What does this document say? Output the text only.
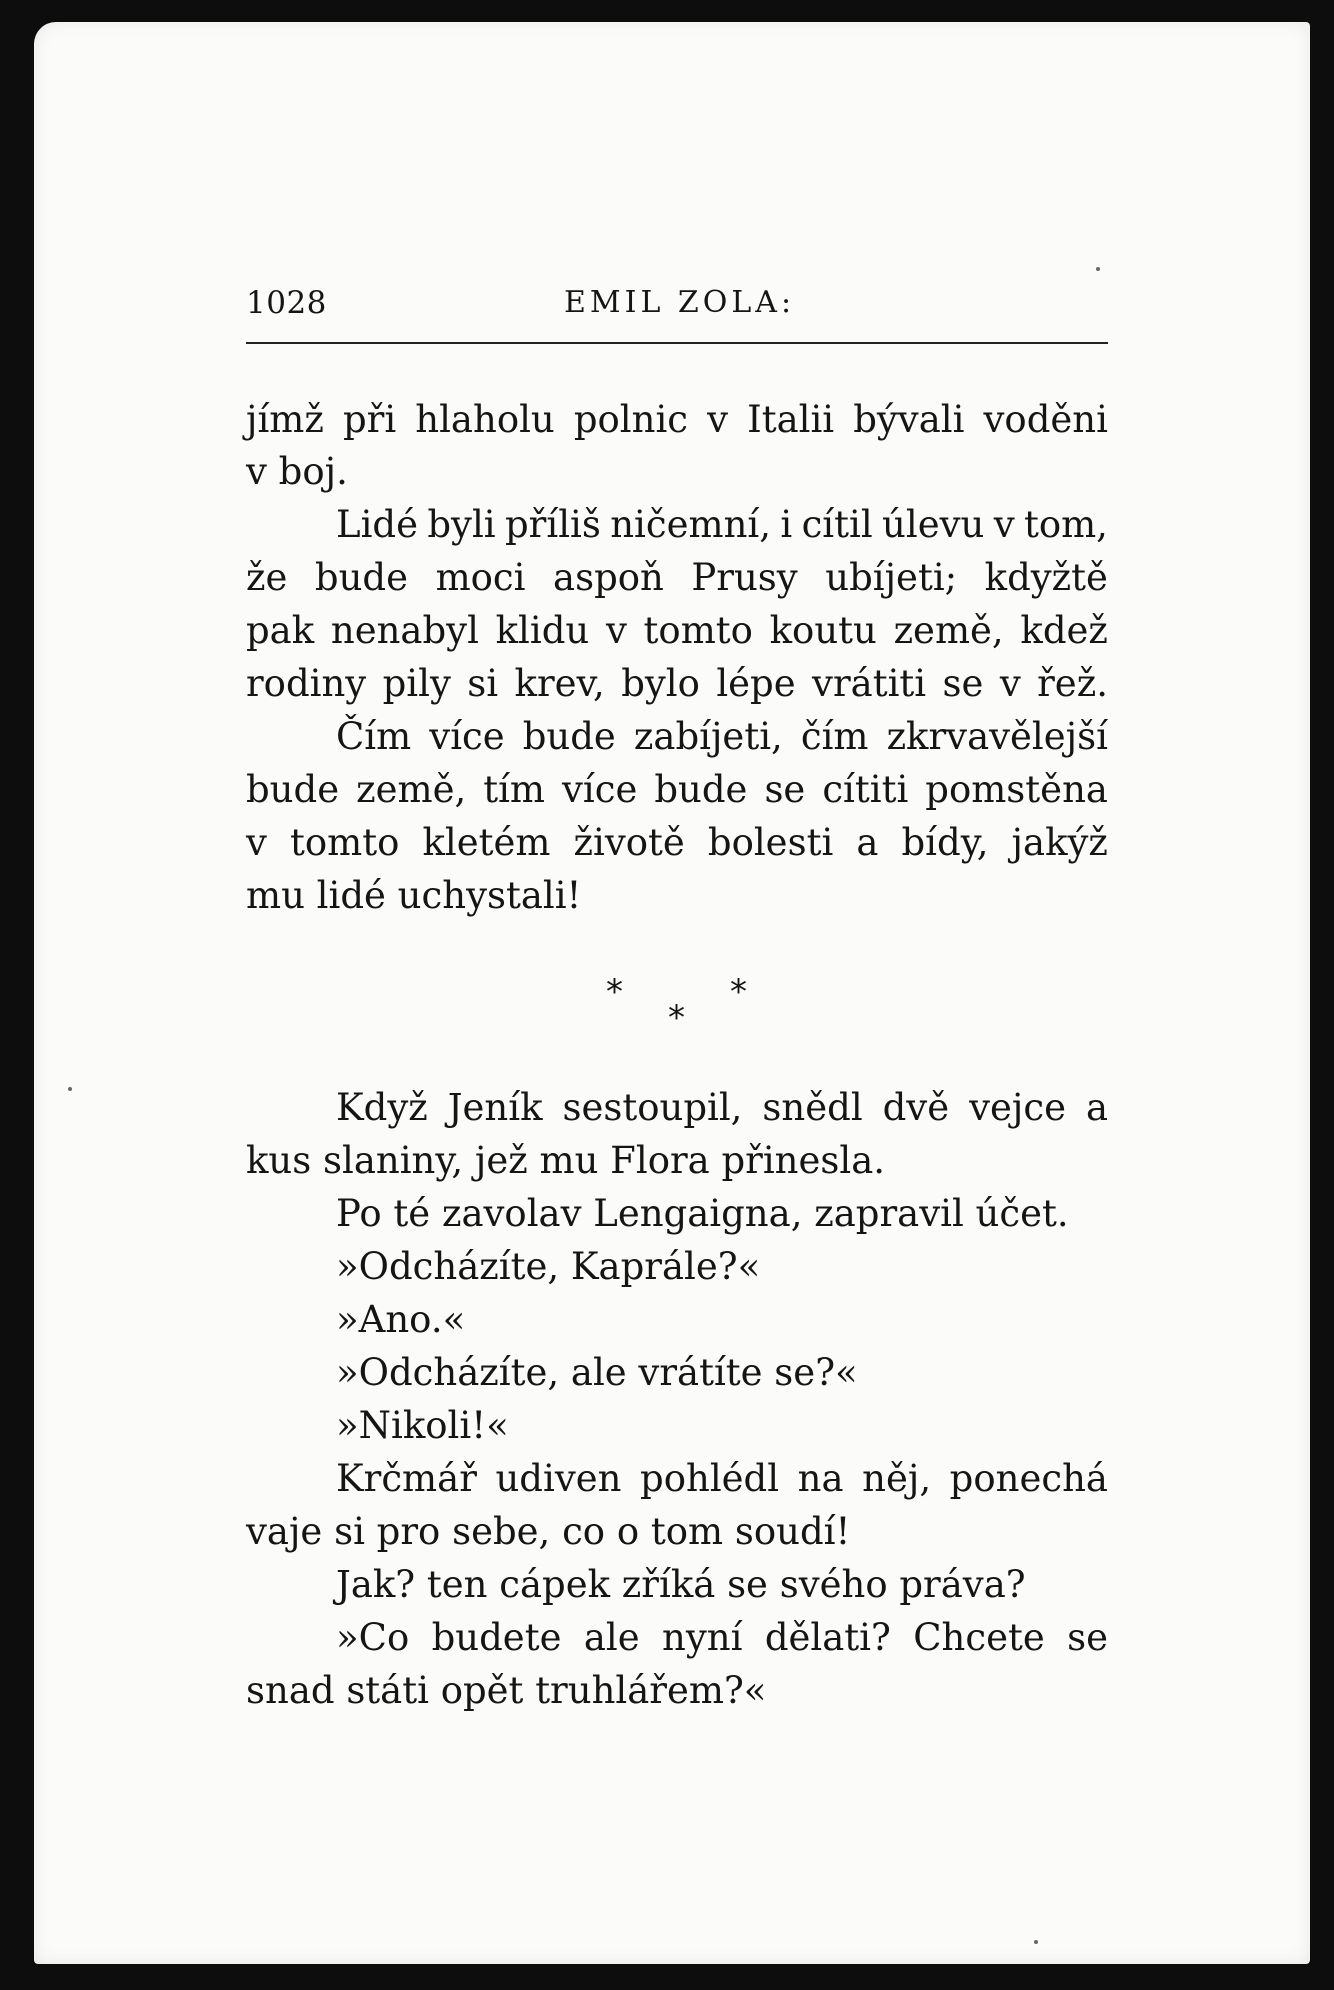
1028	EMIL ZOLA:
jímž při hlaholu polnic v Italii bývali voděni
v boj.
Lidé byli příliš ničemní, i cítil úlevu v tom,
že bude moci aspoň Prusy ubíjeti; kdyžtě
pak nenabyl klidu v tomto koutu země, kdež
rodiny pily si krev, bylo lépe vrátiti se v řež.
Čím více bude zabíjeti, čím zkrvavělejší
bude země, tím více bude se cítiti pomstěna
v tomto kletém životě bolesti a bídy, jakýž
mu lidé uchystali!
*
*
*
Když Jeník sestoupil, snědl dvě vejce a
kus slaniny, jež mu Flora přinesla.
Po té zavolav Lengaigna, zapravil účet.
»Odcházíte, Kaprále?«
»Ano.«
»Odcházíte, ale vrátíte se?«
»Nikoli!«
Krčmář udiven pohlédl na něj, ponechá
vaje si pro sebe, co o tom soudí!
Jak? ten cápek zříká se svého práva?
»Co budete ale nyní dělati? Chcete se
snad státi opět truhlářem?«
